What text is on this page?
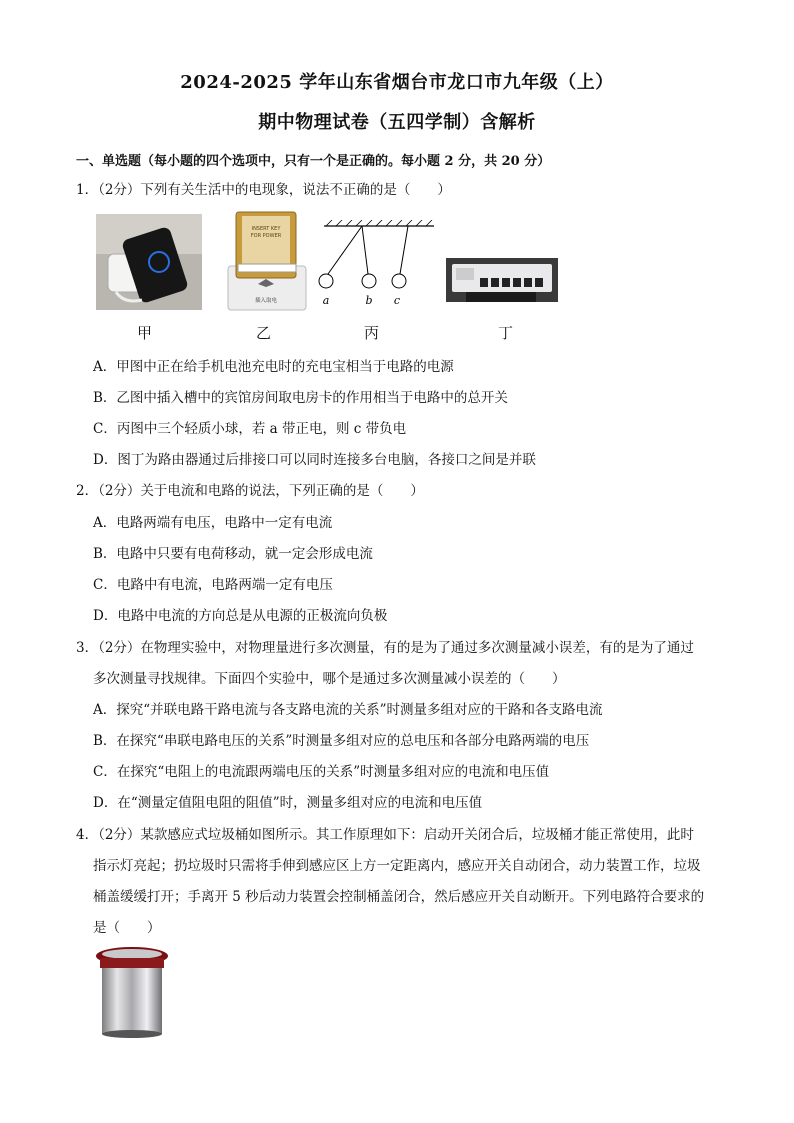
2024-2025 学年山东省烟台市龙口市九年级（上）
期中物理试卷（五四学制）含解析
一、单选题（每小题的四个选项中，只有一个是正确的。每小题 2 分，共 20 分）
1．（2分）下列有关生活中的电现象，说法不正确的是（　　）
甲
INSERT KEY
FOR POWER
插入取电
乙
a	b c
丙	丁
A．甲图中正在给手机电池充电时的充电宝相当于电路的电源
B．乙图中插入槽中的宾馆房间取电房卡的作用相当于电路中的总开关
C．丙图中三个轻质小球，若 a 带正电，则 c 带负电
D．图丁为路由器通过后排接口可以同时连接多台电脑，各接口之间是并联
2．（2分）关于电流和电路的说法，下列正确的是（　　）
A．电路两端有电压，电路中一定有电流
B．电路中只要有电荷移动，就一定会形成电流
C．电路中有电流，电路两端一定有电压
D．电路中电流的方向总是从电源的正极流向负极
3．（2分）在物理实验中，对物理量进行多次测量，有的是为了通过多次测量减小误差，有的是为了通过
多次测量寻找规律。下面四个实验中，哪个是通过多次测量减小误差的（　　）
A．探究“并联电路干路电流与各支路电流的关系”时测量多组对应的干路和各支路电流
B．在探究“串联电路电压的关系”时测量多组对应的总电压和各部分电路两端的电压
C．在探究“电阻上的电流跟两端电压的关系”时测量多组对应的电流和电压值
D．在“测量定值阻电阻的阻值”时，测量多组对应的电流和电压值
4．（2分）某款感应式垃圾桶如图所示。其工作原理如下：启动开关闭合后，垃圾桶才能正常使用，此时
指示灯亮起；扔垃圾时只需将手伸到感应区上方一定距离内，感应开关自动闭合，动力装置工作，垃圾
桶盖缓缓打开；手离开 5 秒后动力装置会控制桶盖闭合，然后感应开关自动断开。下列电路符合要求的
是（　　）
